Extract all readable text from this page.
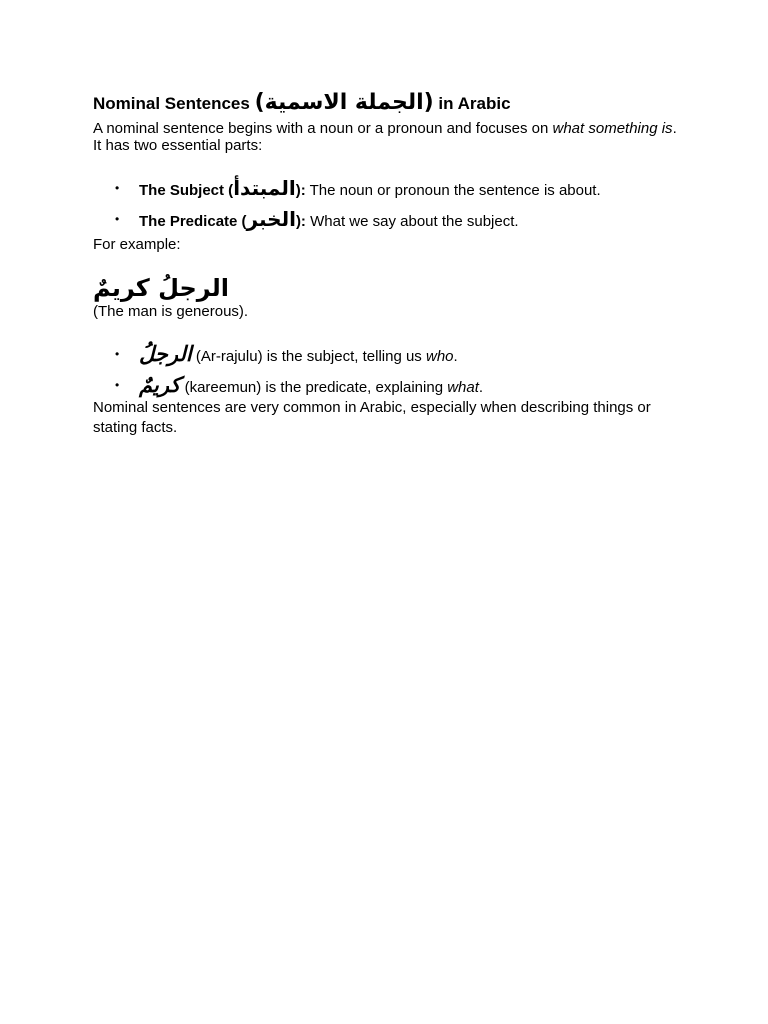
Nominal Sentences (الجملة الاسمية) in Arabic

A nominal sentence begins with a noun or a pronoun and focuses on what something is. It has two essential parts:

• The Subject (المبتدأ): The noun or pronoun the sentence is about.
• The Predicate (الخبر): What we say about the subject.

For example:

الرجلُ كريمٌ

(The man is generous).

• الرجلُ (Ar-rajulu) is the subject, telling us who.
• كريمٌ (kareemun) is the predicate, explaining what.

Nominal sentences are very common in Arabic, especially when describing things or stating facts.
